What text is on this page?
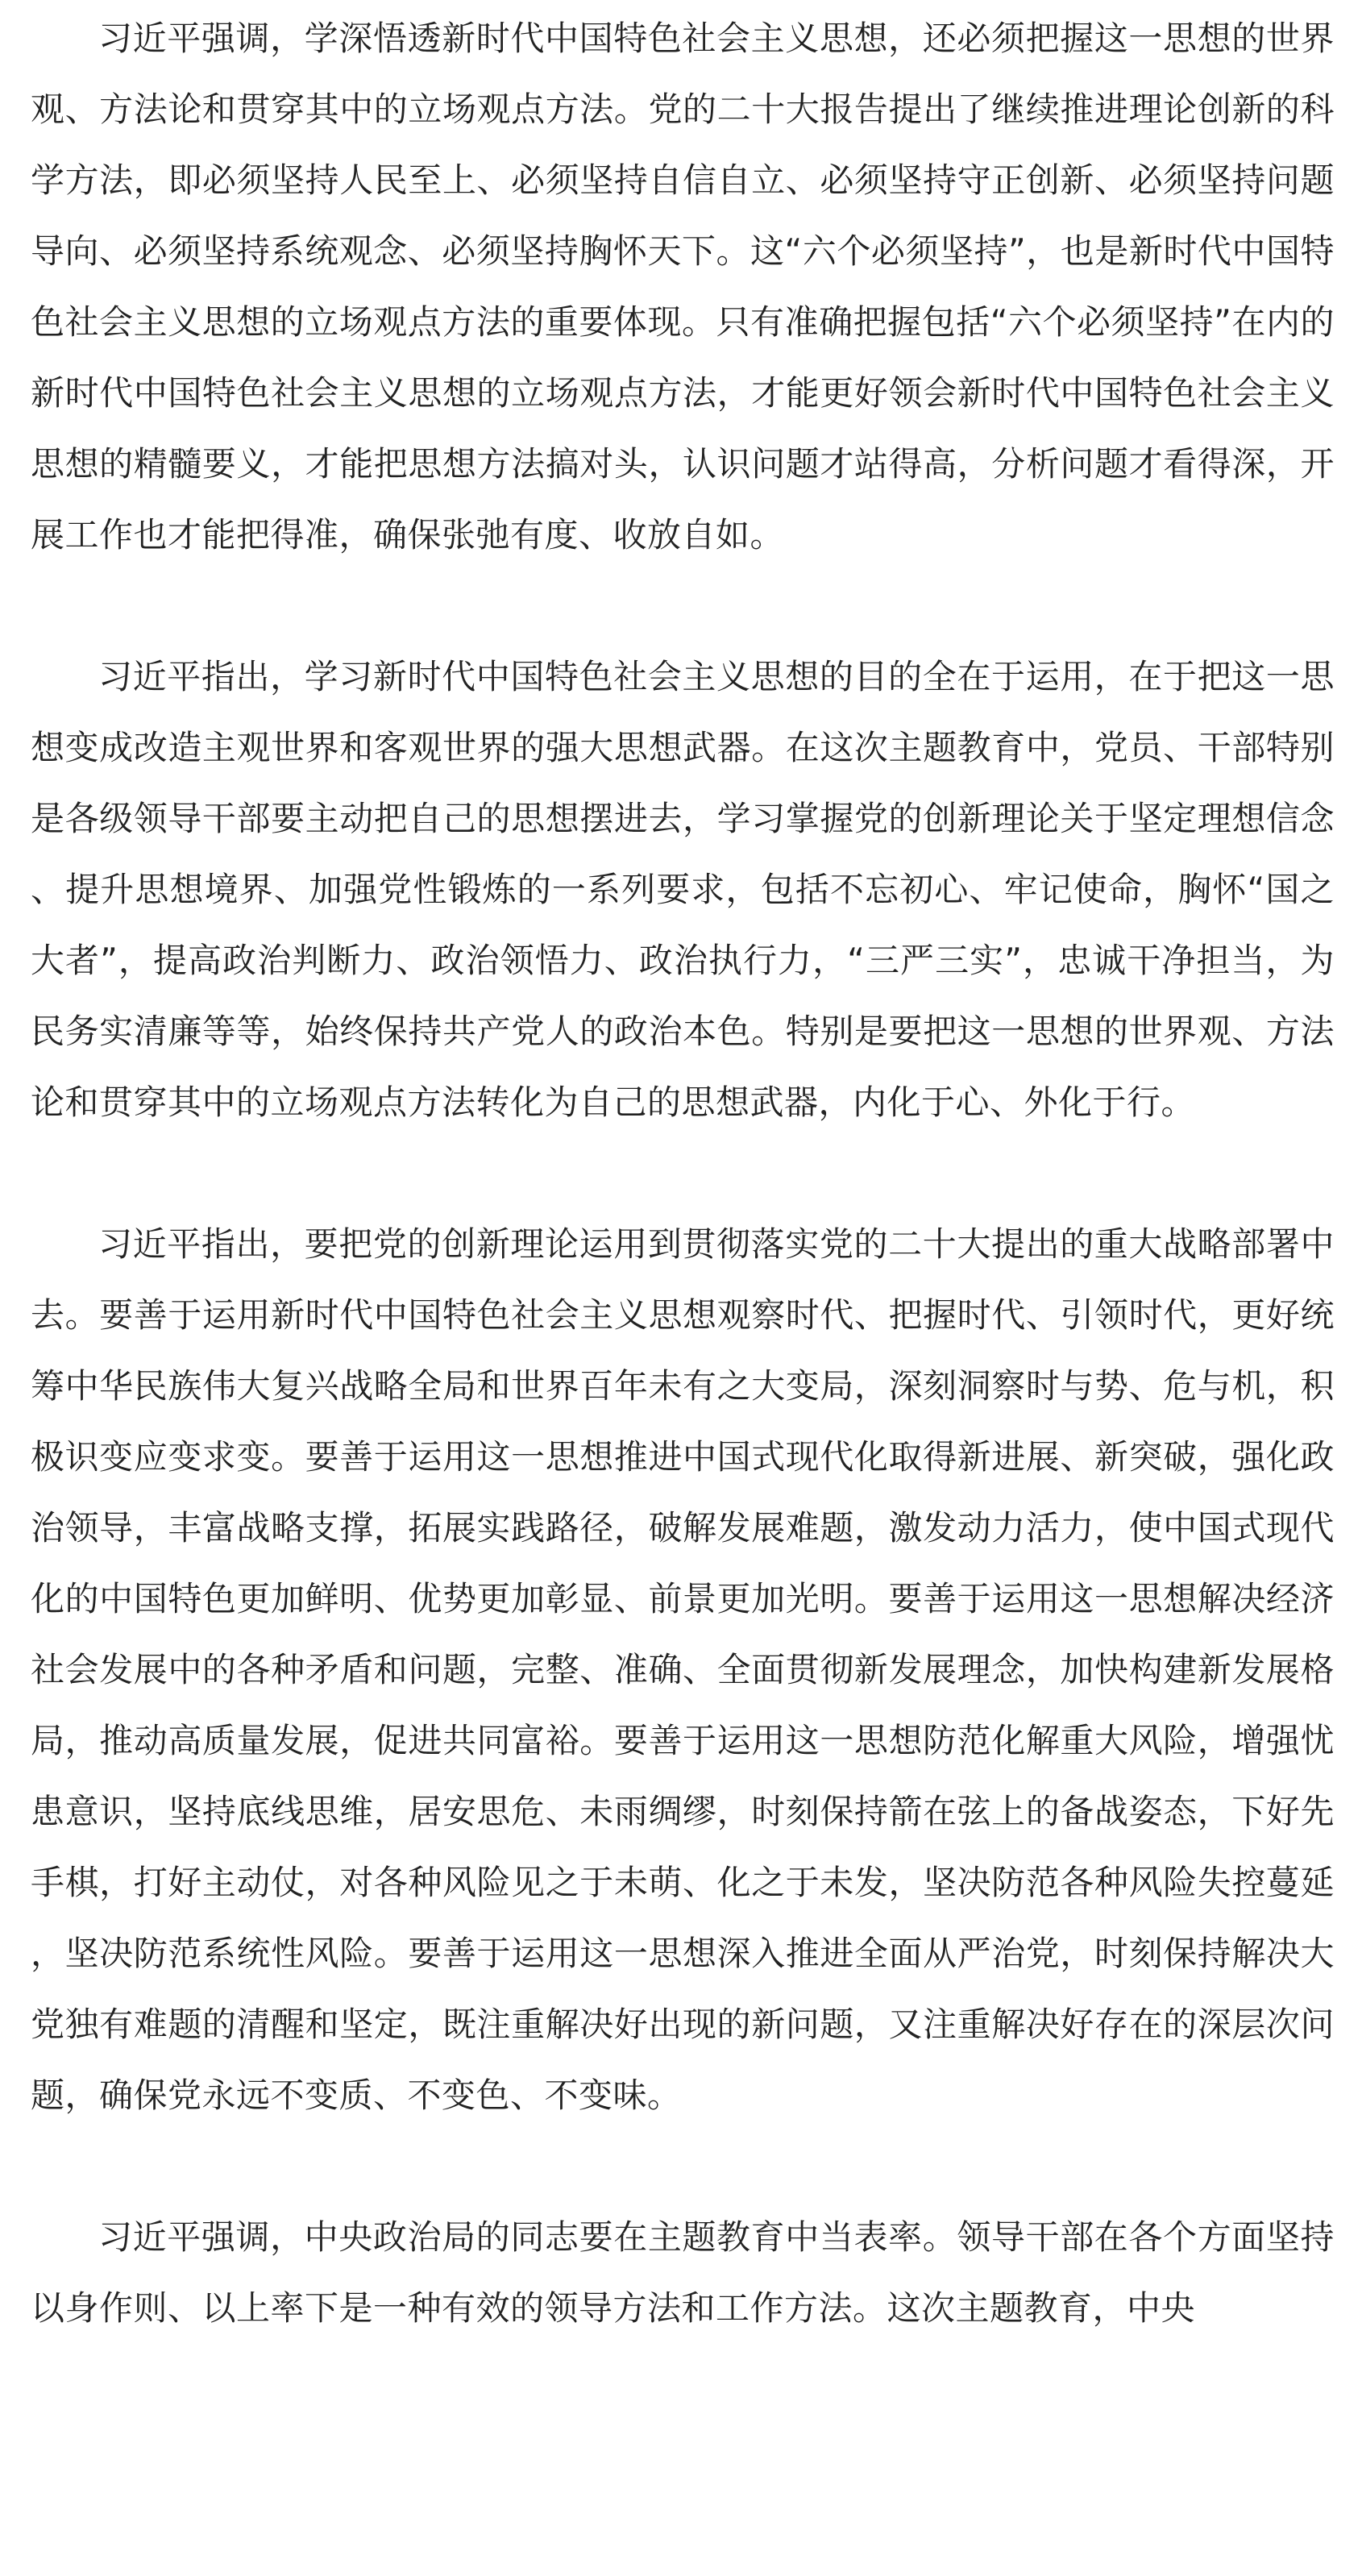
习近平强调，学深悟透新时代中国特色社会主义思想，还必须把握这一思想的世界观、方法论和贯穿其中的立场观点方法。党的二十大报告提出了继续推进理论创新的科学方法，即必须坚持人民至上、必须坚持自信自立、必须坚持守正创新、必须坚持问题导向、必须坚持系统观念、必须坚持胸怀天下。这“六个必须坚持”，也是新时代中国特色社会主义思想的立场观点方法的重要体现。只有准确把握包括“六个必须坚持”在内的新时代中国特色社会主义思想的立场观点方法，才能更好领会新时代中国特色社会主义思想的精髓要义，才能把思想方法搞对头，认识问题才站得高，分析问题才看得深，开展工作也才能把得准，确保张弛有度、收放自如。

习近平指出，学习新时代中国特色社会主义思想的目的全在于运用，在于把这一思想变成改造主观世界和客观世界的强大思想武器。在这次主题教育中，党员、干部特别是各级领导干部要主动把自己的思想摆进去，学习掌握党的创新理论关于坚定理想信念、提升思想境界、加强党性锻炼的一系列要求，包括不忘初心、牢记使命，胸怀“国之大者”，提高政治判断力、政治领悟力、政治执行力，“三严三实”，忠诚干净担当，为民务实清廉等等，始终保持共产党人的政治本色。特别是要把这一思想的世界观、方法论和贯穿其中的立场观点方法转化为自己的思想武器，内化于心、外化于行。

习近平指出，要把党的创新理论运用到贯彻落实党的二十大提出的重大战略部署中去。要善于运用新时代中国特色社会主义思想观察时代、把握时代、引领时代，更好统筹中华民族伟大复兴战略全局和世界百年未有之大变局，深刻洞察时与势、危与机，积极识变应变求变。要善于运用这一思想推进中国式现代化取得新进展、新突破，强化政治领导，丰富战略支撑，拓展实践路径，破解发展难题，激发动力活力，使中国式现代化的中国特色更加鲜明、优势更加彰显、前景更加光明。要善于运用这一思想解决经济社会发展中的各种矛盾和问题，完整、准确、全面贯彻新发展理念，加快构建新发展格局，推动高质量发展，促进共同富裕。要善于运用这一思想防范化解重大风险，增强忧患意识，坚持底线思维，居安思危、未雨绸缪，时刻保持箭在弦上的备战姿态，下好先手棋，打好主动仗，对各种风险见之于未萌、化之于未发，坚决防范各种风险失控蔓延，坚决防范系统性风险。要善于运用这一思想深入推进全面从严治党，时刻保持解决大党独有难题的清醒和坚定，既注重解决好出现的新问题，又注重解决好存在的深层次问题，确保党永远不变质、不变色、不变味。

习近平强调，中央政治局的同志要在主题教育中当表率。领导干部在各个方面坚持以身作则、以上率下是一种有效的领导方法和工作方法。这次主题教育，中央
